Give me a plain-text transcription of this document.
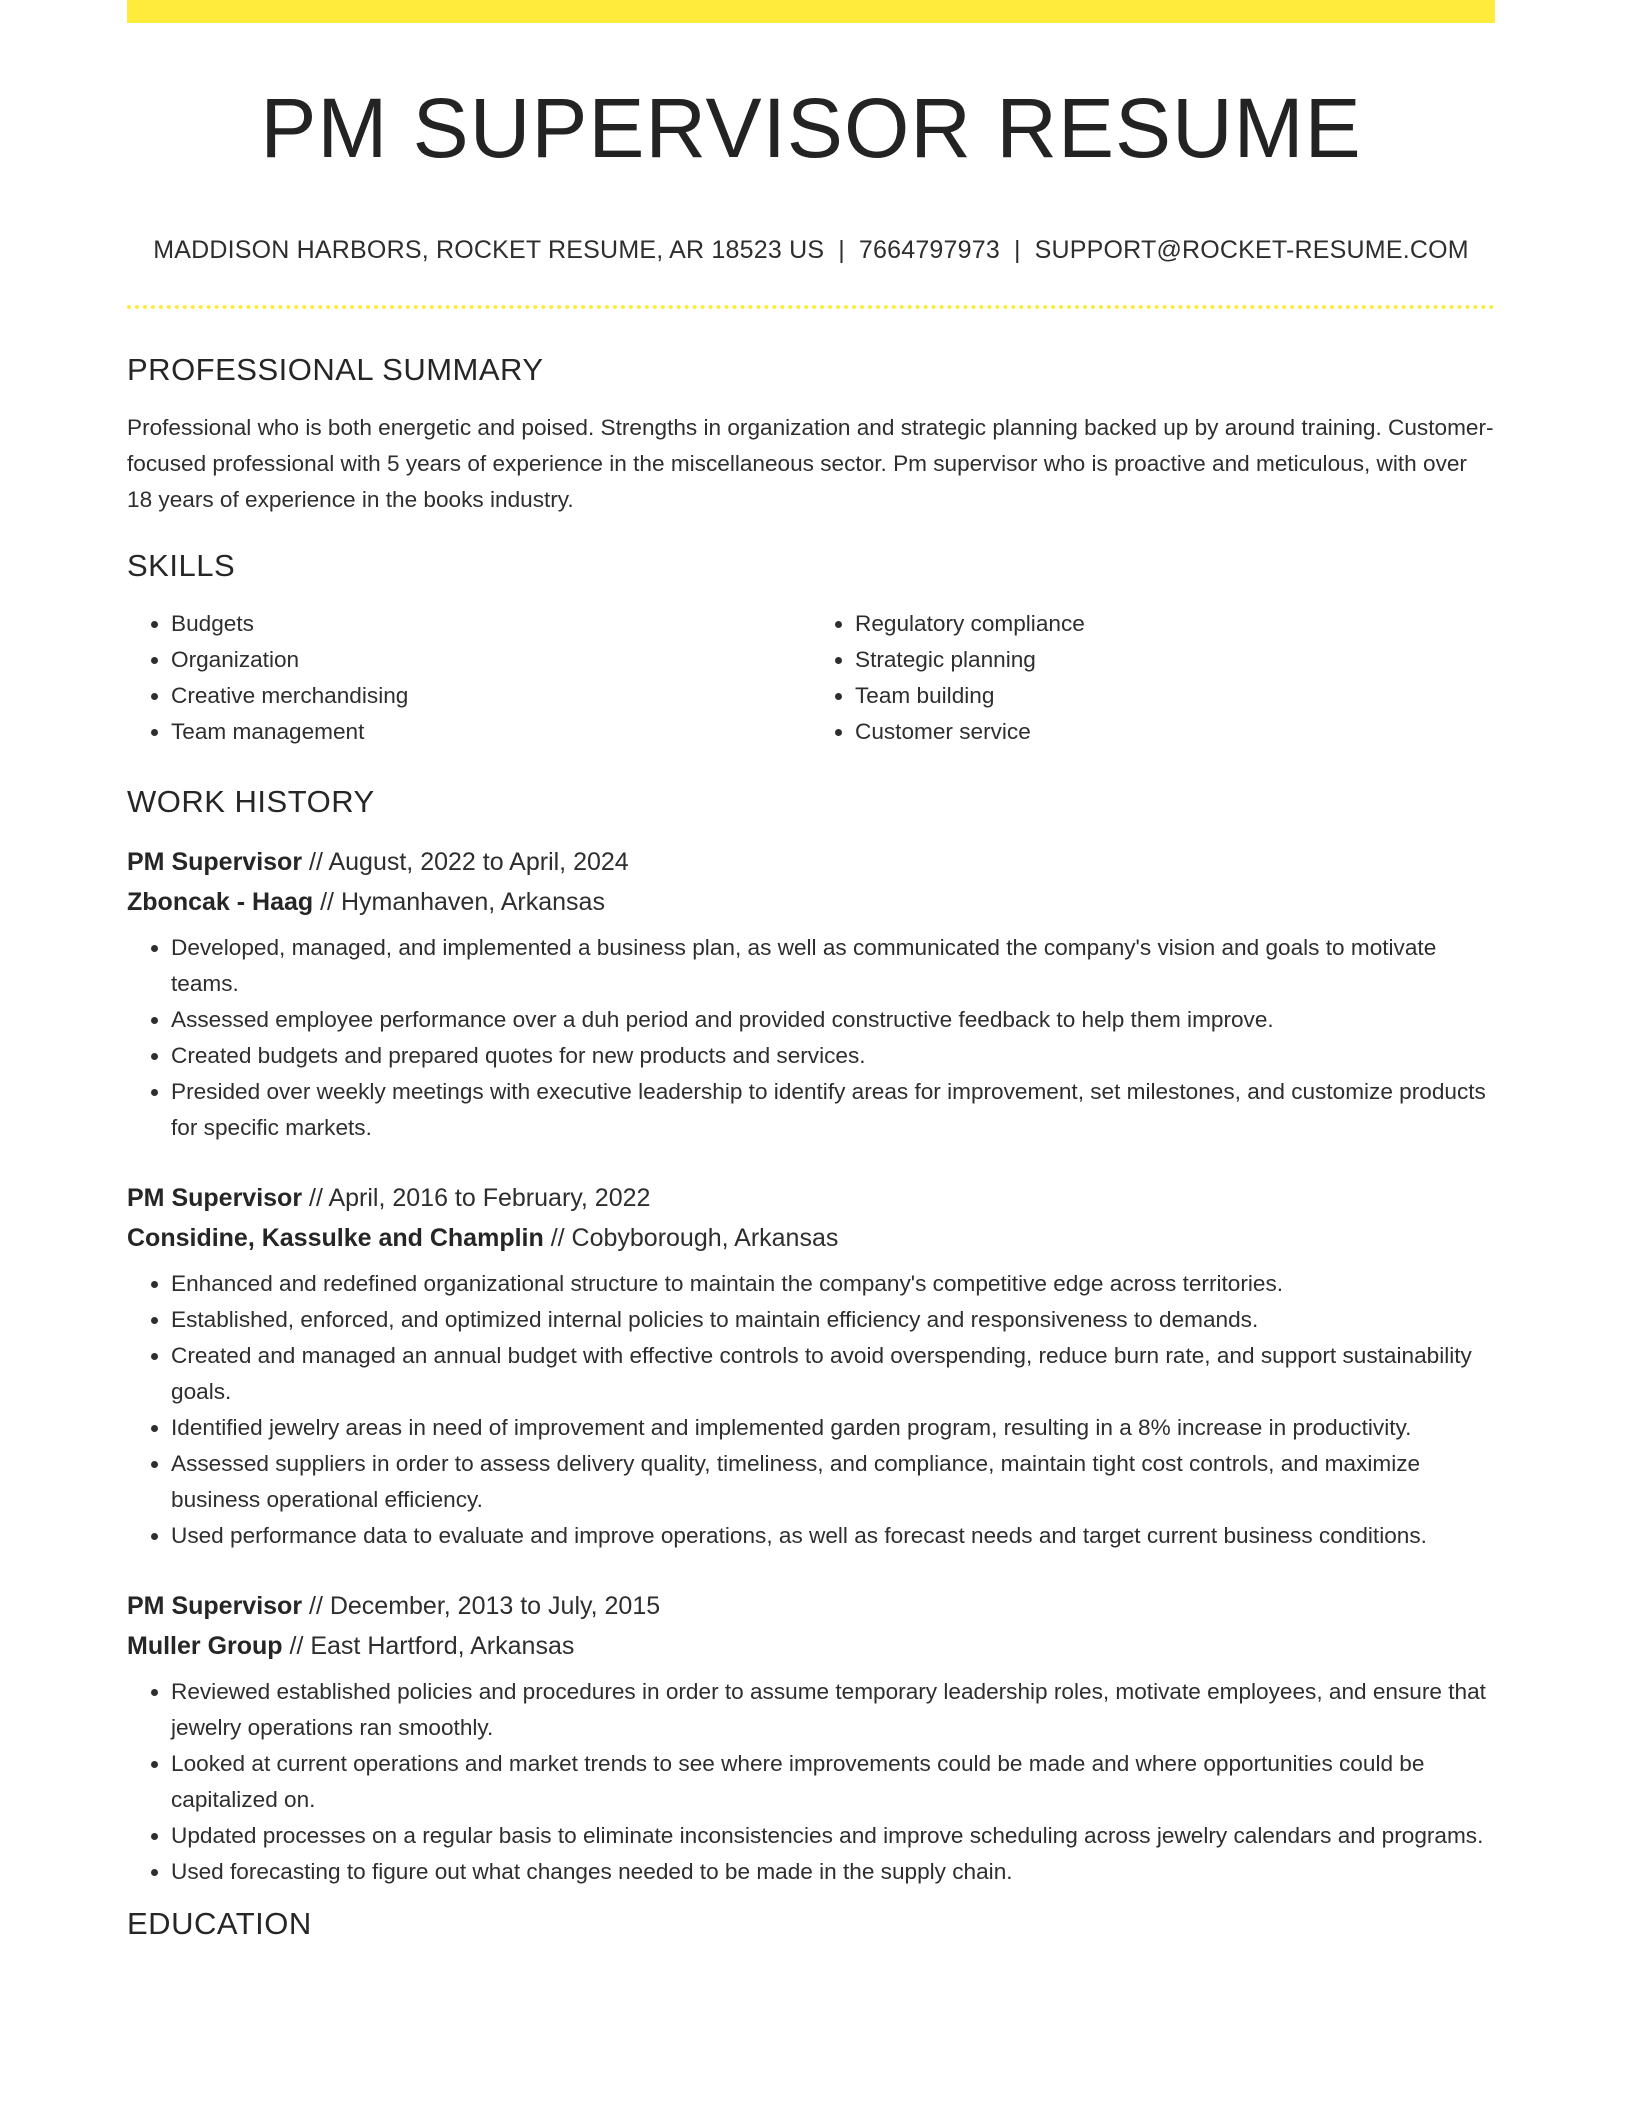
PM SUPERVISOR RESUME
MADDISON HARBORS, ROCKET RESUME, AR 18523 US | 7664797973 | SUPPORT@ROCKET-RESUME.COM
PROFESSIONAL SUMMARY

Professional who is both energetic and poised. Strengths in organization and strategic planning backed up by around training. Customer-focused professional with 5 years of experience in the miscellaneous sector. Pm supervisor who is proactive and meticulous, with over 18 years of experience in the books industry.

SKILLS
• Budgets
• Organization
• Creative merchandising
• Team management
• Regulatory compliance
• Strategic planning
• Team building
• Customer service
WORK HISTORY
PM Supervisor // August, 2022 to April, 2024
Zboncak - Haag // Hymanhaven, Arkansas
• Developed, managed, and implemented a business plan, as well as communicated the company's vision and goals to motivate teams.
• Assessed employee performance over a duh period and provided constructive feedback to help them improve.
• Created budgets and prepared quotes for new products and services.
• Presided over weekly meetings with executive leadership to identify areas for improvement, set milestones, and customize products for specific markets.
PM Supervisor // April, 2016 to February, 2022
Considine, Kassulke and Champlin // Cobyborough, Arkansas
• Enhanced and redefined organizational structure to maintain the company's competitive edge across territories.
• Established, enforced, and optimized internal policies to maintain efficiency and responsiveness to demands.
• Created and managed an annual budget with effective controls to avoid overspending, reduce burn rate, and support sustainability goals.
• Identified jewelry areas in need of improvement and implemented garden program, resulting in a 8% increase in productivity.
• Assessed suppliers in order to assess delivery quality, timeliness, and compliance, maintain tight cost controls, and maximize business operational efficiency.
• Used performance data to evaluate and improve operations, as well as forecast needs and target current business conditions.
PM Supervisor // December, 2013 to July, 2015
Muller Group // East Hartford, Arkansas
• Reviewed established policies and procedures in order to assume temporary leadership roles, motivate employees, and ensure that jewelry operations ran smoothly.
• Looked at current operations and market trends to see where improvements could be made and where opportunities could be capitalized on.
• Updated processes on a regular basis to eliminate inconsistencies and improve scheduling across jewelry calendars and programs.
• Used forecasting to figure out what changes needed to be made in the supply chain.
EDUCATION
